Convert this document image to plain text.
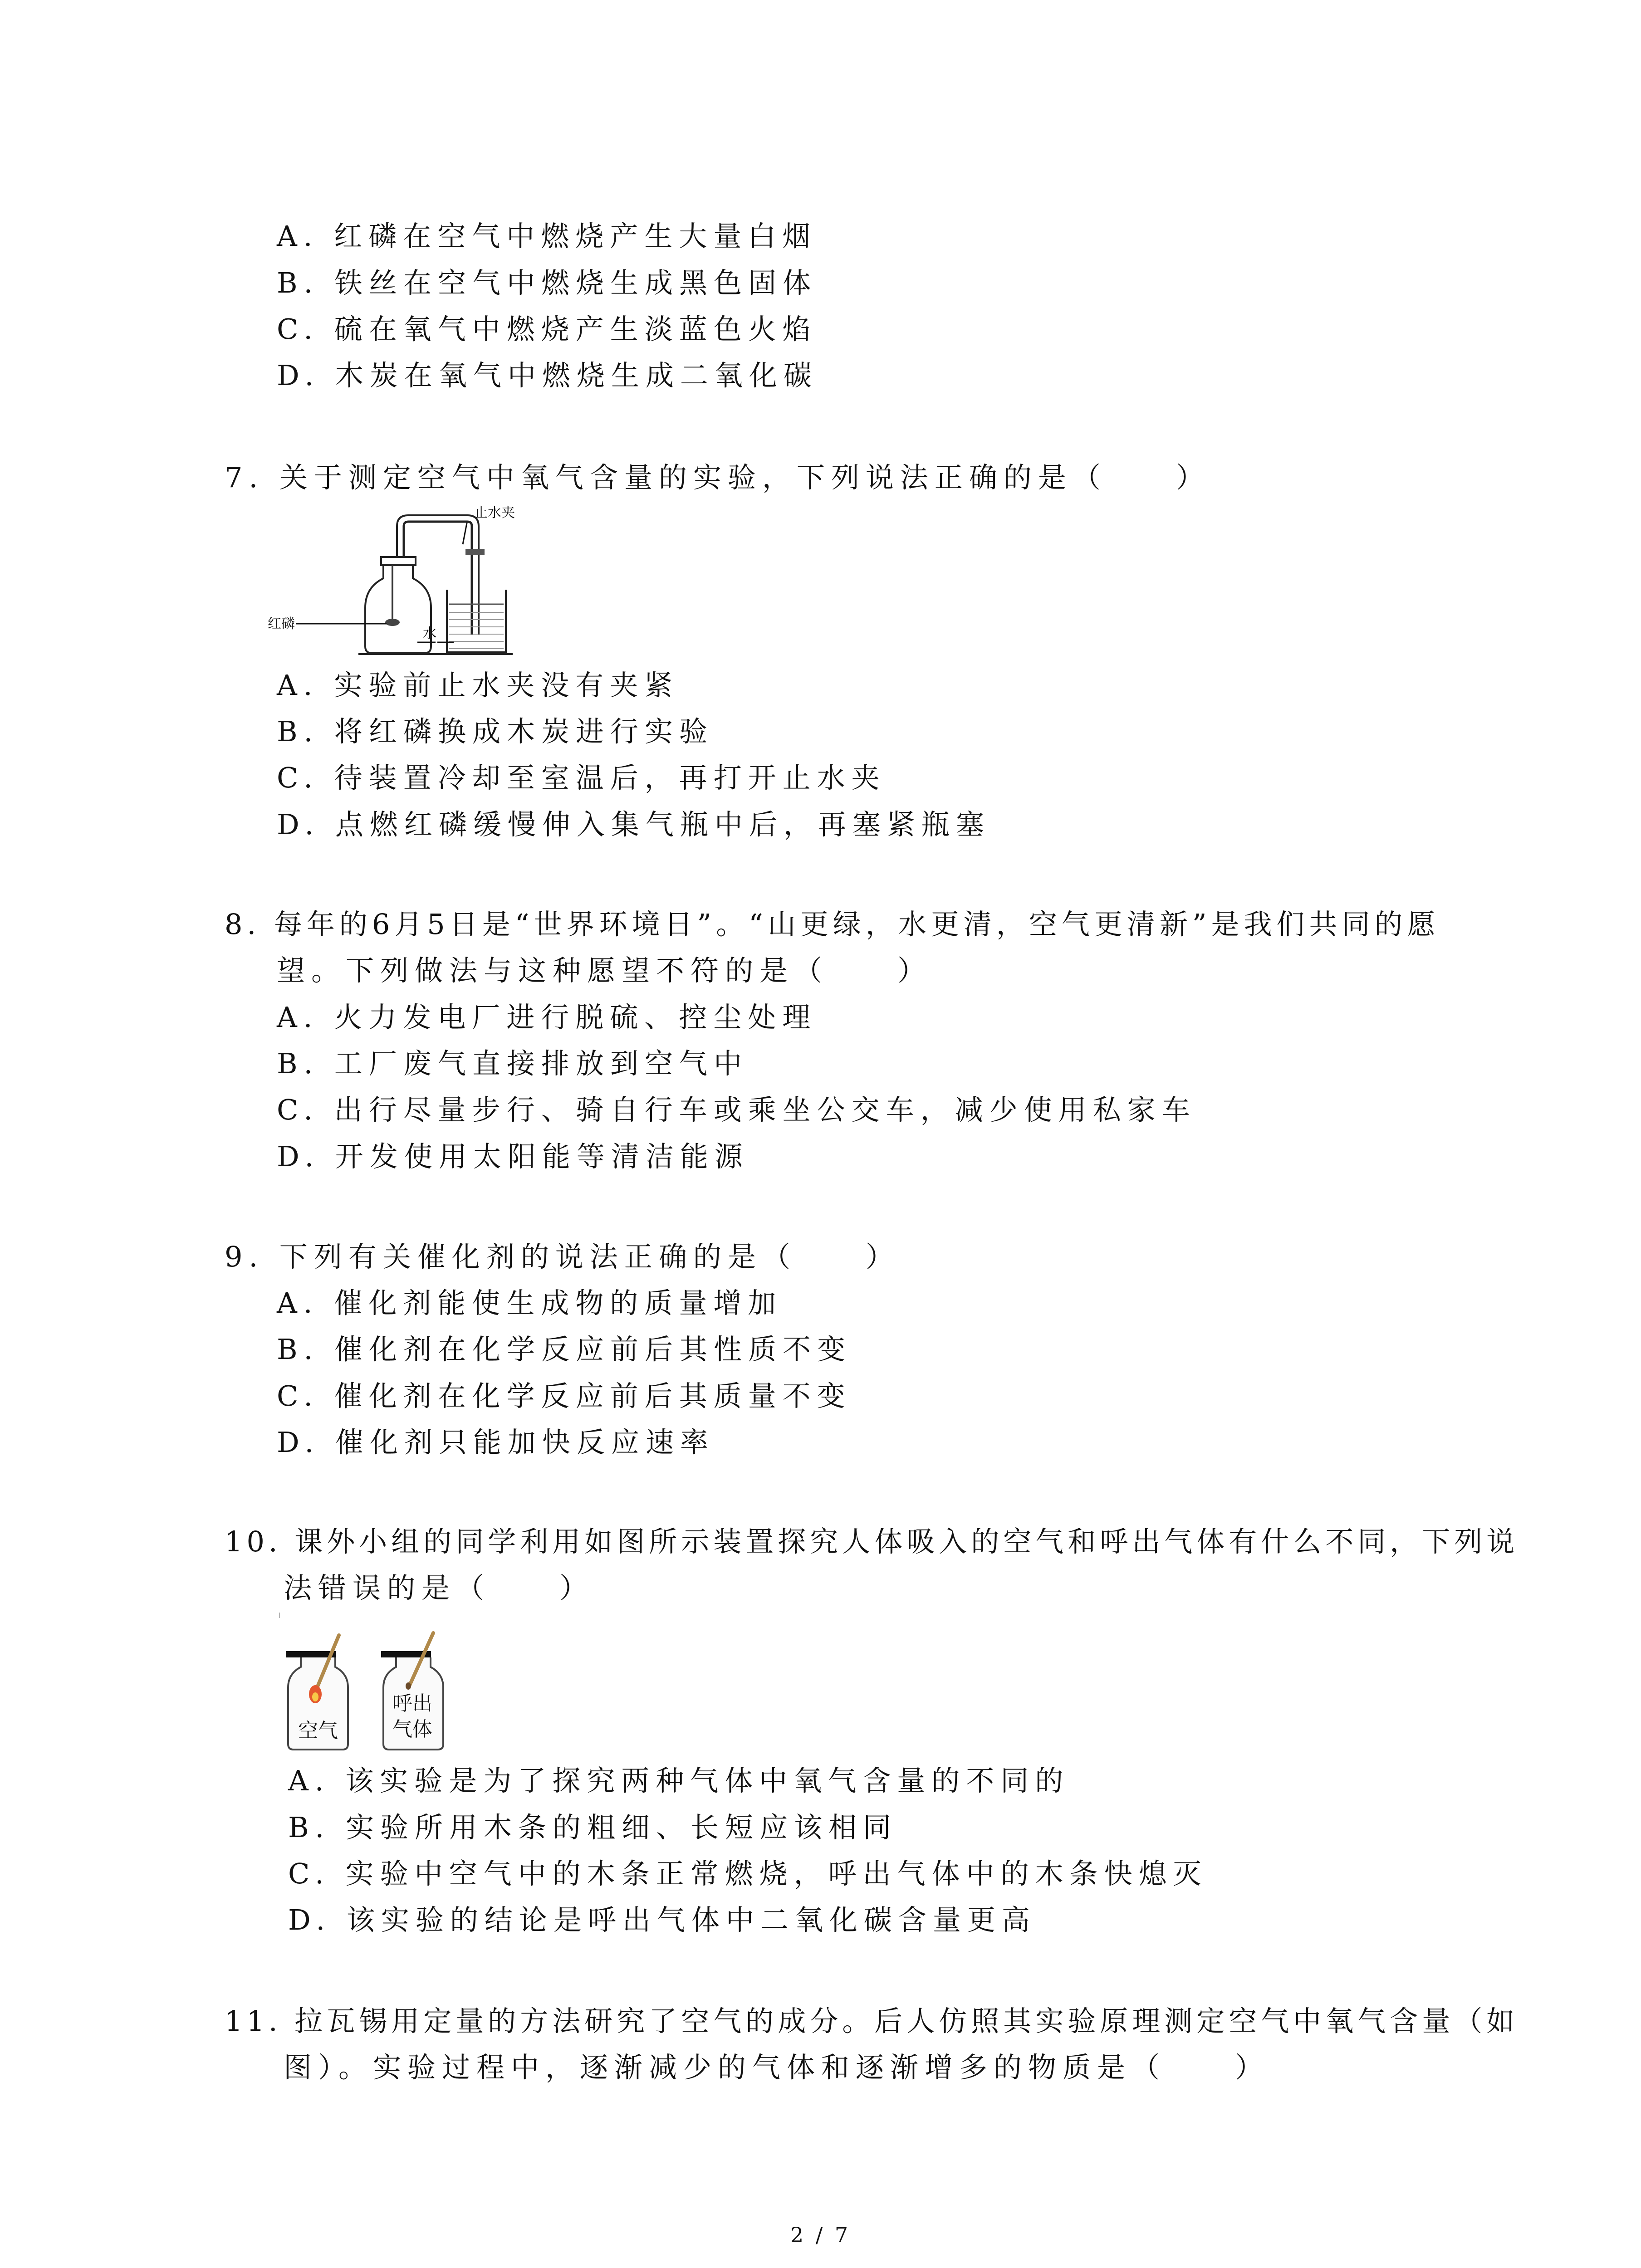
A. 红磷在空气中燃烧产生大量白烟
B. 铁丝在空气中燃烧生成黑色固体
C. 硫在氧气中燃烧产生淡蓝色火焰
D. 木炭在氧气中燃烧生成二氧化碳
7. 关于测定空气中氧气含量的实验，下列说法正确的是（　　）
止水夹
红磷
水
A. 实验前止水夹没有夹紧
B. 将红磷换成木炭进行实验
C. 待装置冷却至室温后，再打开止水夹
D. 点燃红磷缓慢伸入集气瓶中后，再塞紧瓶塞
8. 每年的6月5日是“世界环境日”。“山更绿，水更清，空气更清新”是我们共同的愿
望。下列做法与这种愿望不符的是（　　）
A. 火力发电厂进行脱硫、控尘处理
B. 工厂废气直接排放到空气中
C. 出行尽量步行、骑自行车或乘坐公交车，减少使用私家车
D. 开发使用太阳能等清洁能源
9. 下列有关催化剂的说法正确的是（　　）
A. 催化剂能使生成物的质量增加
B. 催化剂在化学反应前后其性质不变
C. 催化剂在化学反应前后其质量不变
D. 催化剂只能加快反应速率
10. 课外小组的同学利用如图所示装置探究人体吸入的空气和呼出气体有什么不同，下列说
法错误的是（　　）
空气
呼出
气体
A. 该实验是为了探究两种气体中氧气含量的不同的
B. 实验所用木条的粗细、长短应该相同
C. 实验中空气中的木条正常燃烧，呼出气体中的木条快熄灭
D. 该实验的结论是呼出气体中二氧化碳含量更高
11. 拉瓦锡用定量的方法研究了空气的成分。后人仿照其实验原理测定空气中氧气含量（如
图）。实验过程中，逐渐减少的气体和逐渐增多的物质是（　　）
2 / 7
